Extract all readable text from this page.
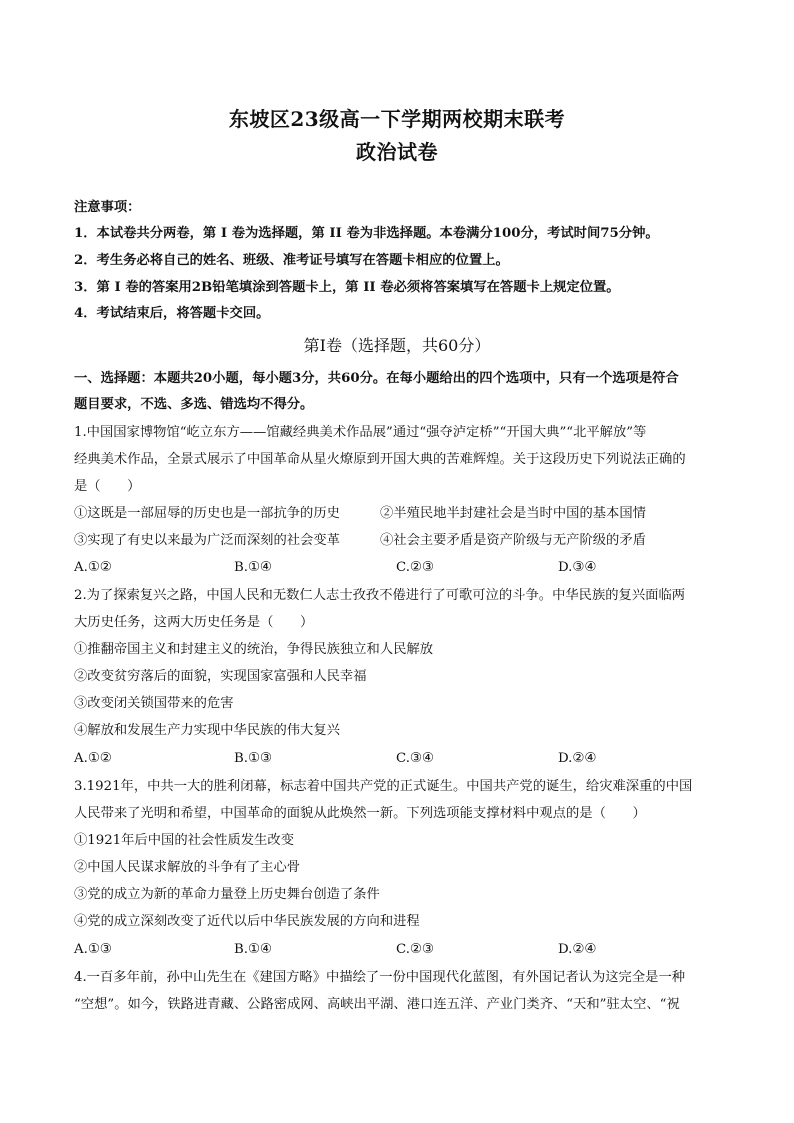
东坡区23级高一下学期两校期末联考
政治试卷
注意事项：
1．本试卷共分两卷，第 I 卷为选择题，第 II 卷为非选择题。本卷满分100分，考试时间75分钟。
2．考生务必将自己的姓名、班级、准考证号填写在答题卡相应的位置上。
3．第 I 卷的答案用2B铅笔填涂到答题卡上，第 II 卷必须将答案填写在答题卡上规定位置。
4．考试结束后，将答题卡交回。
第Ⅰ卷（选择题，共60分）
一、选择题：本题共20小题，每小题3分，共60分。在每小题给出的四个选项中，只有一个选项是符合
题目要求，不选、多选、错选均不得分。
1.中国国家博物馆“屹立东方——馆藏经典美术作品展”通过“强夺泸定桥”“开国大典”“北平解放”等
经典美术作品，全景式展示了中国革命从星火燎原到开国大典的苦难辉煌。关于这段历史下列说法正确的
是（　　）
①这既是一部屈辱的历史也是一部抗争的历史	②半殖民地半封建社会是当时中国的基本国情
③实现了有史以来最为广泛而深刻的社会变革	④社会主要矛盾是资产阶级与无产阶级的矛盾
A.①②	B.①④	C.②③	D.③④
2.为了探索复兴之路，中国人民和无数仁人志士孜孜不倦进行了可歌可泣的斗争。中华民族的复兴面临两
大历史任务，这两大历史任务是（　　）
①推翻帝国主义和封建主义的统治，争得民族独立和人民解放
②改变贫穷落后的面貌，实现国家富强和人民幸福
③改变闭关锁国带来的危害
④解放和发展生产力实现中华民族的伟大复兴
A.①②	B.①③	C.③④	D.②④
3.1921年，中共一大的胜利闭幕，标志着中国共产党的正式诞生。中国共产党的诞生，给灾难深重的中国
人民带来了光明和希望，中国革命的面貌从此焕然一新。下列选项能支撑材料中观点的是（　　）
①1921年后中国的社会性质发生改变
②中国人民谋求解放的斗争有了主心骨
③党的成立为新的革命力量登上历史舞台创造了条件
④党的成立深刻改变了近代以后中华民族发展的方向和进程
A.①③	B.①④	C.②③	D.②④
4.一百多年前，孙中山先生在《建国方略》中描绘了一份中国现代化蓝图，有外国记者认为这完全是一种
“空想”。如今，铁路进青藏、公路密成网、高峡出平湖、港口连五洋、产业门类齐、“天和”驻太空、“祝
